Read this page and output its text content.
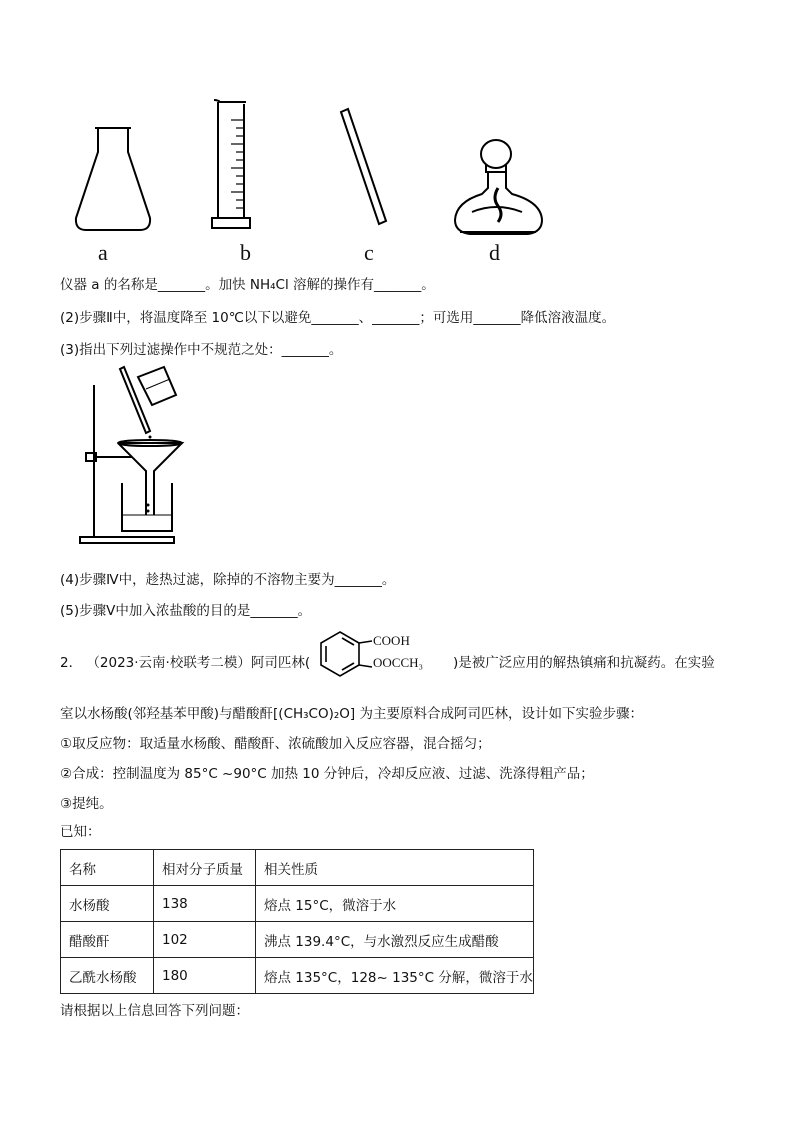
a	b	c	d
仪器 a 的名称是_______。加快 NH₄Cl 溶解的操作有_______。
(2)步骤Ⅱ中，将温度降至 10℃以下以避免_______、_______；可选用_______降低溶液温度。
(3)指出下列过滤操作中不规范之处：_______。
(4)步骤Ⅳ中，趁热过滤，除掉的不溶物主要为_______。
(5)步骤Ⅴ中加入浓盐酸的目的是_______。
2． （2023·云南·校联考二模）阿司匹林(
COOH
OOCCH₃ )是被广泛应用的解热镇痛和抗凝药。在实验
室以水杨酸(邻羟基苯甲酸)与醋酸酐[(CH₃CO)₂O] 为主要原料合成阿司匹林，设计如下实验步骤：
①取反应物：取适量水杨酸、醋酸酐、浓硫酸加入反应容器，混合摇匀；
②合成：控制温度为 85°C ~90°C 加热 10 分钟后，冷却反应液、过滤、洗涤得粗产品；
③提纯。
已知：
名称	相对分子质量	相关性质
水杨酸	138	熔点 15°C，微溶于水
醋酸酐	102	沸点 139.4°C，与水激烈反应生成醋酸
乙酰水杨酸	180	熔点 135°C，128~ 135°C 分解，微溶于水
请根据以上信息回答下列问题：
